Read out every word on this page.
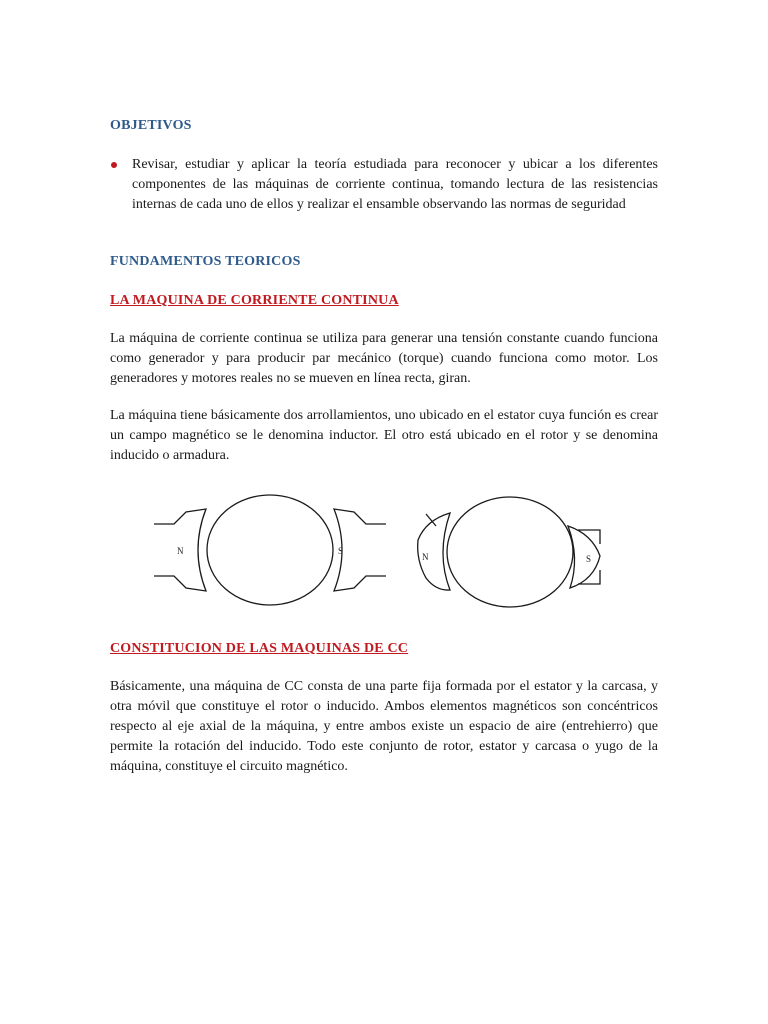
OBJETIVOS
Revisar, estudiar y aplicar la teoría estudiada para reconocer y ubicar a los diferentes componentes de las máquinas de corriente continua, tomando lectura de las resistencias internas de cada uno de ellos y realizar el ensamble observando las normas de seguridad
FUNDAMENTOS TEORICOS
LA MAQUINA DE CORRIENTE CONTINUA

La máquina de corriente continua se utiliza para generar una tensión constante cuando funciona como generador y para producir par mecánico (torque) cuando funciona como motor. Los generadores y motores reales no se mueven en línea recta, giran.

La máquina tiene básicamente dos arrollamientos, uno ubicado en el estator cuya función es crear un campo magnético se le denomina inductor. El otro está ubicado en el rotor y se denomina inducido o armadura.

N	S
N	S
CONSTITUCION DE LAS MAQUINAS DE CC

Básicamente, una máquina de CC consta de una parte fija formada por el estator y la carcasa, y otra móvil que constituye el rotor o inducido. Ambos elementos magnéticos son concéntricos respecto al eje axial de la máquina, y entre ambos existe un espacio de aire (entrehierro) que permite la rotación del inducido. Todo este conjunto de rotor, estator y carcasa o yugo de la máquina, constituye el circuito magnético.
